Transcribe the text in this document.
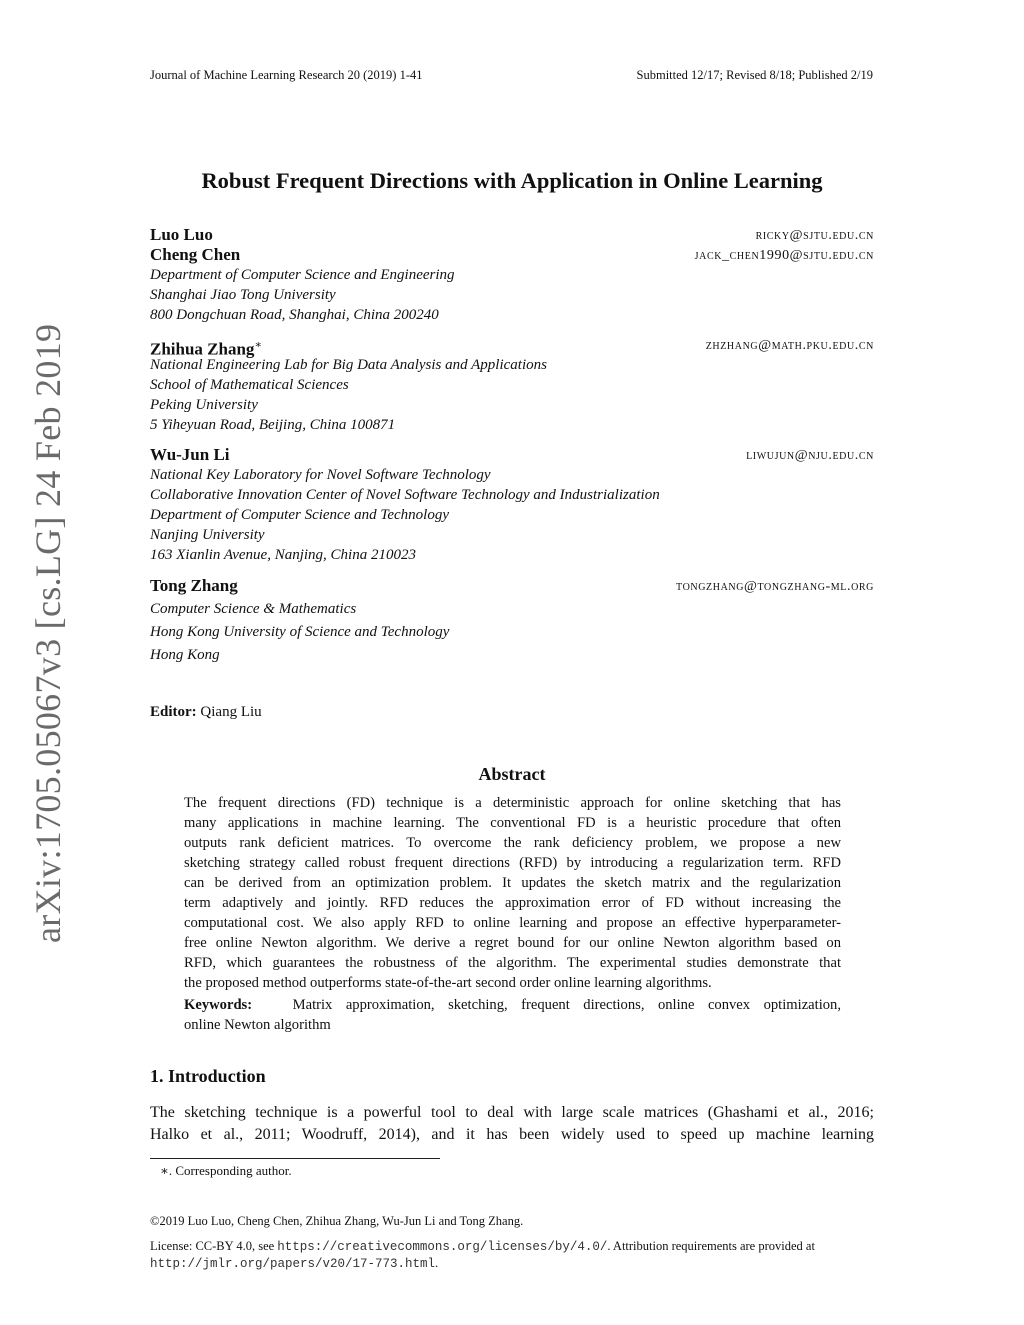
Journal of Machine Learning Research 20 (2019) 1-41	Submitted 12/17; Revised 8/18; Published 2/19
arXiv:1705.05067v3 [cs.LG] 24 Feb 2019
Robust Frequent Directions with Application in Online Learning
Luo Luo	ricky@sjtu.edu.cn
Cheng Chen	jack_chen1990@sjtu.edu.cn
Department of Computer Science and Engineering
Shanghai Jiao Tong University
800 Dongchuan Road, Shanghai, China 200240
Zhihua Zhang∗	zhzhang@math.pku.edu.cn
National Engineering Lab for Big Data Analysis and Applications
School of Mathematical Sciences
Peking University
5 Yiheyuan Road, Beijing, China 100871
Wu-Jun Li	liwujun@nju.edu.cn
National Key Laboratory for Novel Software Technology
Collaborative Innovation Center of Novel Software Technology and Industrialization
Department of Computer Science and Technology
Nanjing University
163 Xianlin Avenue, Nanjing, China 210023
Tong Zhang	tongzhang@tongzhang-ml.org
Computer Science & Mathematics
Hong Kong University of Science and Technology
Hong Kong
Editor: Qiang Liu
Abstract
The frequent directions (FD) technique is a deterministic approach for online sketching that has
many applications in machine learning. The conventional FD is a heuristic procedure that often
outputs rank deficient matrices. To overcome the rank deficiency problem, we propose a new
sketching strategy called robust frequent directions (RFD) by introducing a regularization term. RFD
can be derived from an optimization problem. It updates the sketch matrix and the regularization
term adaptively and jointly. RFD reduces the approximation error of FD without increasing the
computational cost. We also apply RFD to online learning and propose an effective hyperparameter-
free online Newton algorithm. We derive a regret bound for our online Newton algorithm based on
RFD, which guarantees the robustness of the algorithm. The experimental studies demonstrate that
the proposed method outperforms state-of-the-art second order online learning algorithms.
Keywords:	Matrix approximation, sketching, frequent directions, online convex optimization,
online Newton algorithm
1. Introduction
The sketching technique is a powerful tool to deal with large scale matrices (Ghashami et al., 2016;
Halko et al., 2011; Woodruff, 2014), and it has been widely used to speed up machine learning
∗. Corresponding author.
©2019 Luo Luo, Cheng Chen, Zhihua Zhang, Wu-Jun Li and Tong Zhang.
License: CC-BY 4.0, see https://creativecommons.org/licenses/by/4.0/. Attribution requirements are provided at
http://jmlr.org/papers/v20/17-773.html.
